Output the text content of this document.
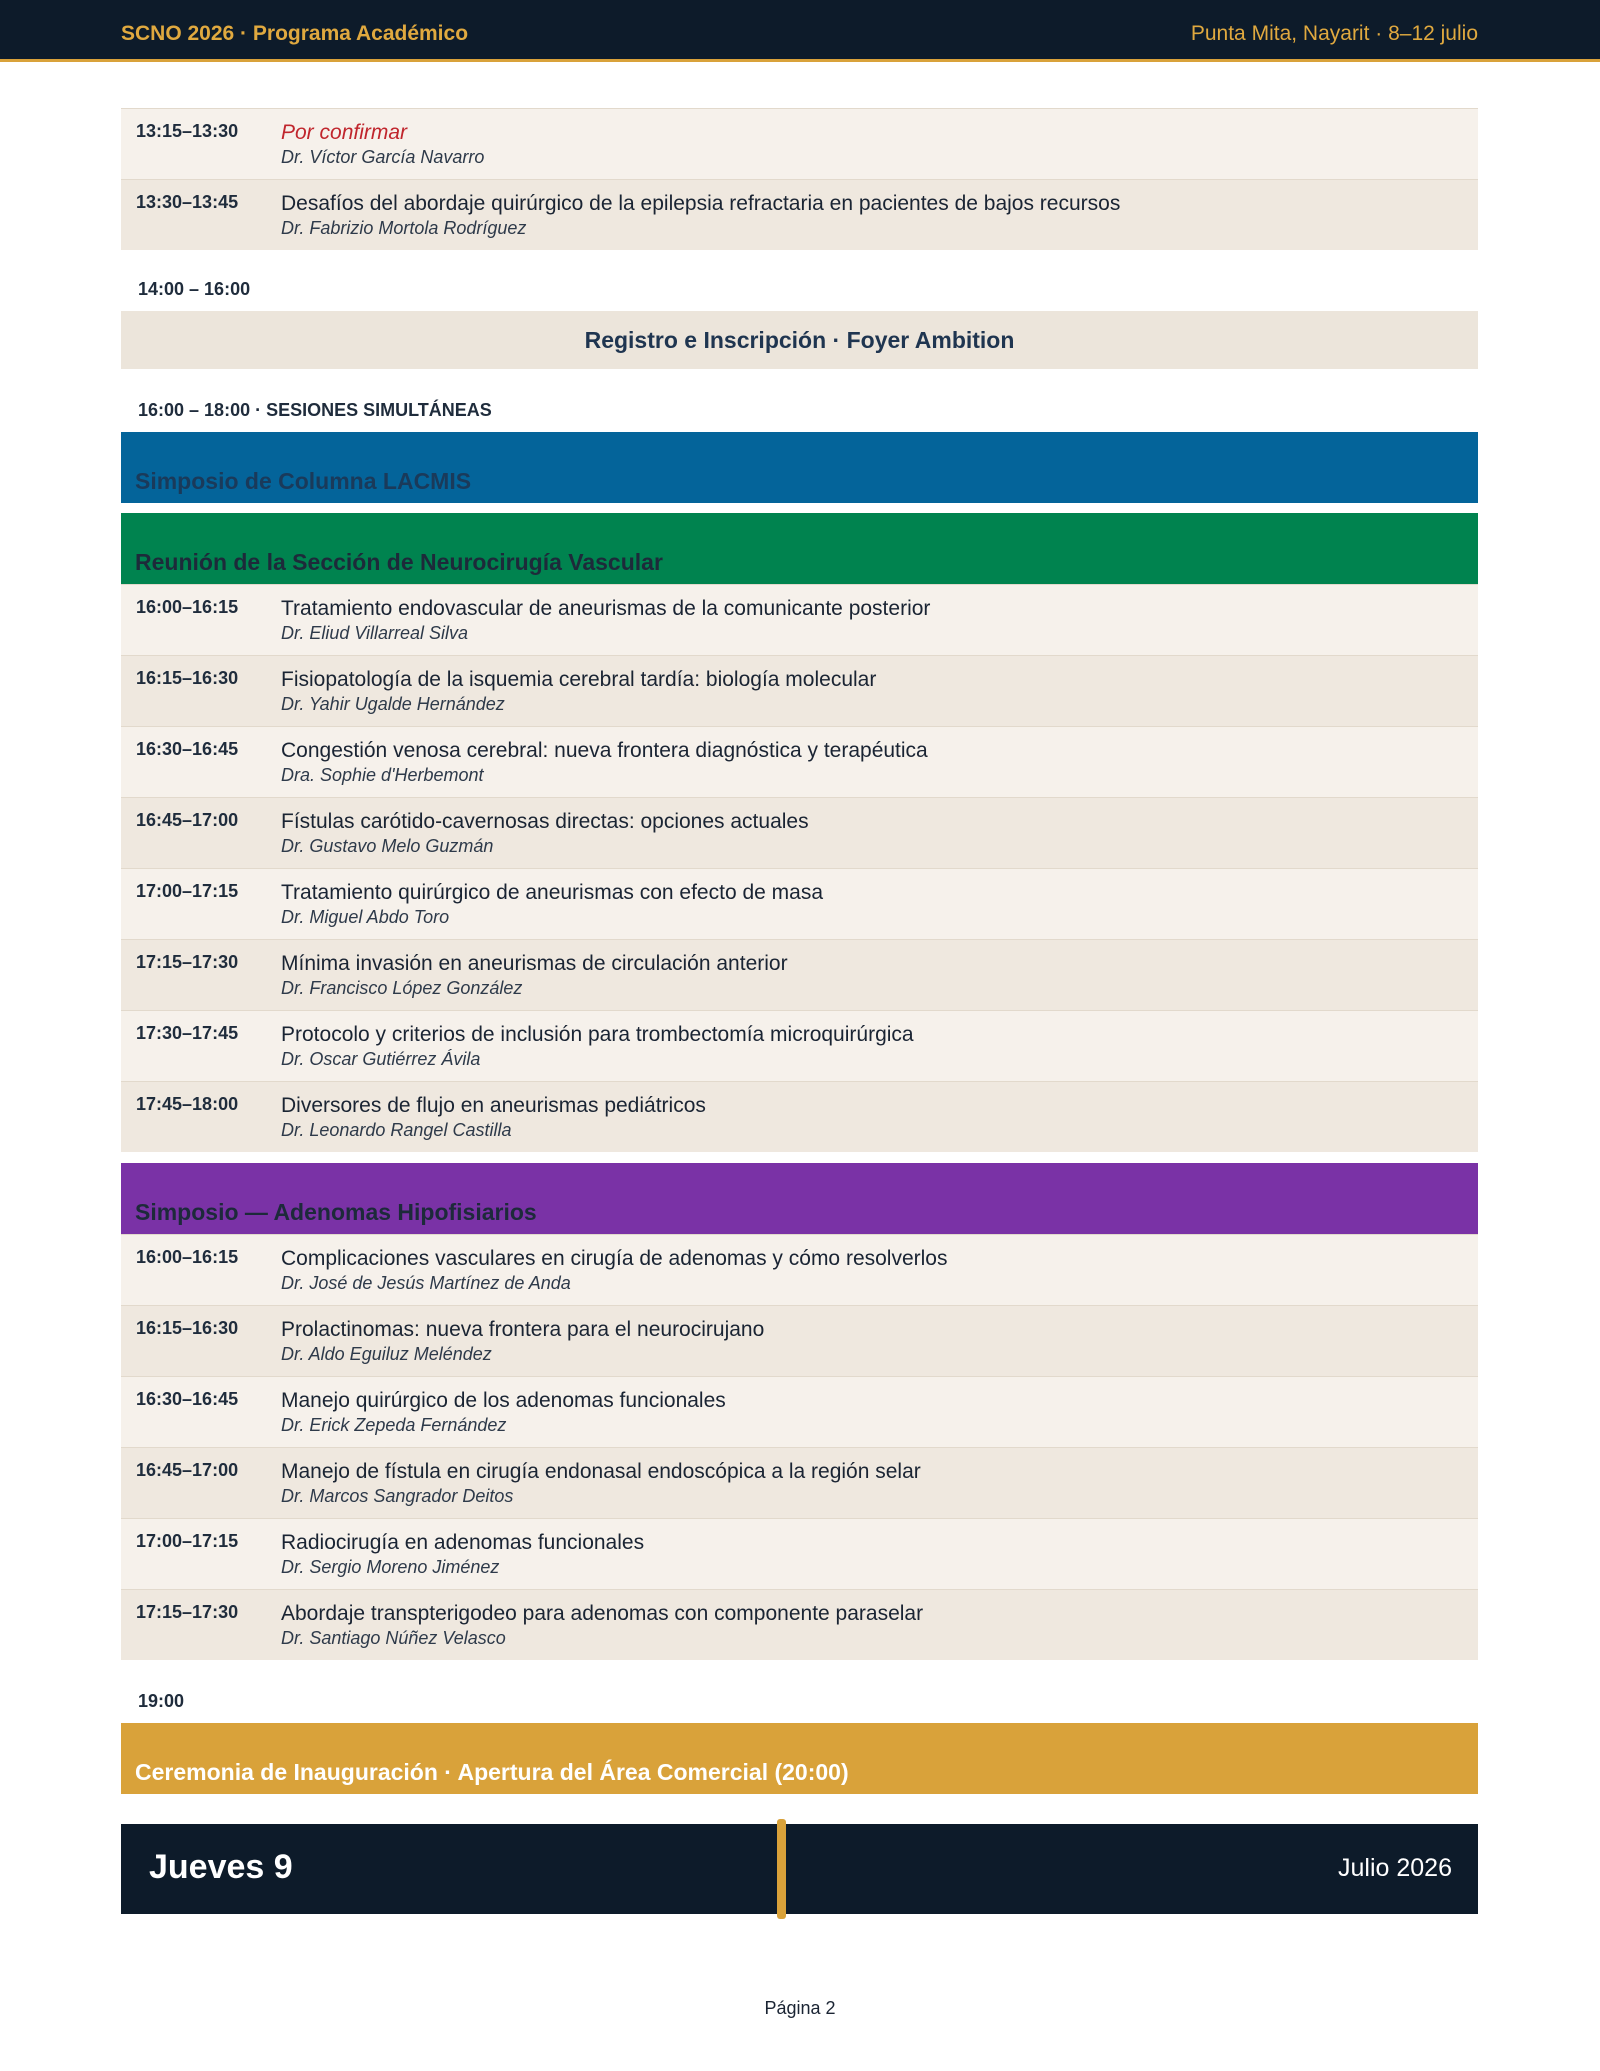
SCNO 2026 · Programa Académico	Punta Mita, Nayarit · 8–12 julio
13:15–13:30	Por confirmar
Dr. Víctor García Navarro
13:30–13:45	Desafíos del abordaje quirúrgico de la epilepsia refractaria en pacientes de bajos recursos
Dr. Fabrizio Mortola Rodríguez
14:00 – 16:00
Registro e Inscripción · Foyer Ambition
16:00 – 18:00 · SESIONES SIMULTÁNEAS
Simposio de Columna LACMIS
Reunión de la Sección de Neurocirugía Vascular
16:00–16:15	Tratamiento endovascular de aneurismas de la comunicante posterior
Dr. Eliud Villarreal Silva
16:15–16:30	Fisiopatología de la isquemia cerebral tardía: biología molecular
Dr. Yahir Ugalde Hernández
16:30–16:45	Congestión venosa cerebral: nueva frontera diagnóstica y terapéutica
Dra. Sophie d'Herbemont
16:45–17:00	Fístulas carótido-cavernosas directas: opciones actuales
Dr. Gustavo Melo Guzmán
17:00–17:15	Tratamiento quirúrgico de aneurismas con efecto de masa
Dr. Miguel Abdo Toro
17:15–17:30	Mínima invasión en aneurismas de circulación anterior
Dr. Francisco López González
17:30–17:45	Protocolo y criterios de inclusión para trombectomía microquirúrgica
Dr. Oscar Gutiérrez Ávila
17:45–18:00	Diversores de flujo en aneurismas pediátricos
Dr. Leonardo Rangel Castilla
Simposio — Adenomas Hipofisiarios
16:00–16:15	Complicaciones vasculares en cirugía de adenomas y cómo resolverlos
Dr. José de Jesús Martínez de Anda
16:15–16:30	Prolactinomas: nueva frontera para el neurocirujano
Dr. Aldo Eguiluz Meléndez
16:30–16:45	Manejo quirúrgico de los adenomas funcionales
Dr. Erick Zepeda Fernández
16:45–17:00	Manejo de fístula en cirugía endonasal endoscópica a la región selar
Dr. Marcos Sangrador Deitos
17:00–17:15	Radiocirugía en adenomas funcionales
Dr. Sergio Moreno Jiménez
17:15–17:30	Abordaje transpterigodeo para adenomas con componente paraselar
Dr. Santiago Núñez Velasco
19:00
Ceremonia de Inauguración · Apertura del Área Comercial (20:00)
Jueves 9	Julio 2026
Página 2
